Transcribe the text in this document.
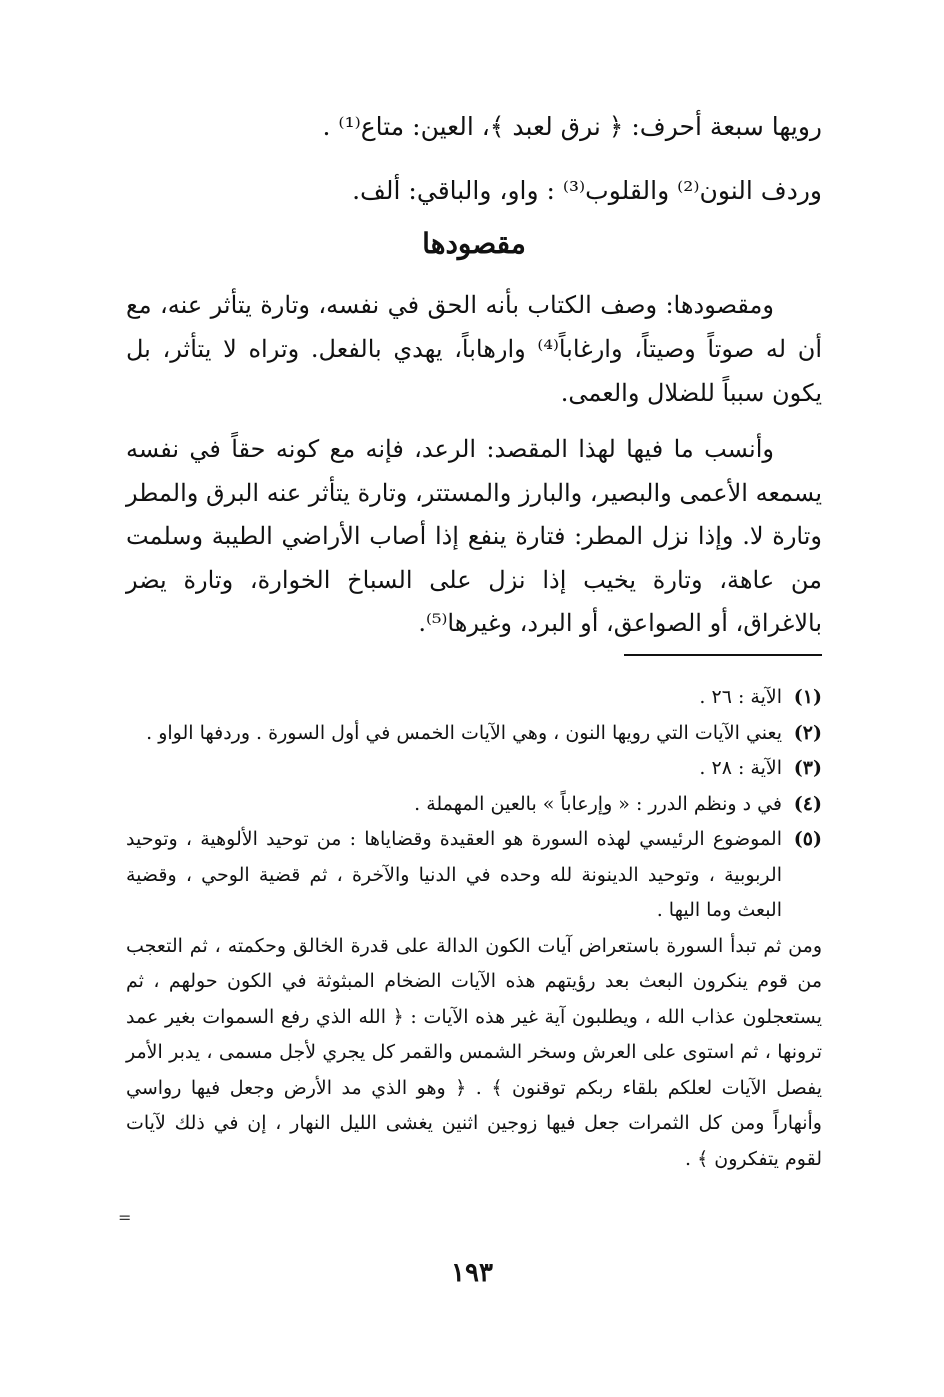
رويها سبعة أحرف: ﴿ نرق لعبد ﴾، العين: متاع⁽¹⁾ .

وردف النون⁽²⁾ والقلوب⁽³⁾ : واو، والباقي: ألف.

مقصودها

ومقصودها: وصف الكتاب بأنه الحق في نفسه، وتارة يتأثر عنه، مع أن له صوتاً وصيتاً، وارغاباً⁽⁴⁾ وارهاباً، يهدي بالفعل. وتراه لا يتأثر، بل يكون سبباً للضلال والعمى.

وأنسب ما فيها لهذا المقصد: الرعد، فإنه مع كونه حقاً في نفسه يسمعه الأعمى والبصير، والبارز والمستتر، وتارة يتأثر عنه البرق والمطر وتارة لا. وإذا نزل المطر: فتارة ينفع إذا أصاب الأراضي الطيبة وسلمت من عاهة، وتارة يخيب إذا نزل على السباخ الخوارة، وتارة يضر بالاغراق، أو الصواعق، أو البرد، وغيرها⁽⁵⁾.

(١)
الآية : ٢٦ .

(٢)
يعني الآيات التي رويها النون ، وهي الآيات الخمس في أول السورة . وردفها الواو .

(٣)
الآية : ٢٨ .

(٤)
في د ونظم الدرر : « وإرعاباً » بالعين المهملة .

(٥)
الموضوع الرئيسي لهذه السورة هو العقيدة وقضاياها : من توحيد الألوهية ، وتوحيد الربوبية ، وتوحيد الدينونة لله وحده في الدنيا والآخرة ، ثم قضية الوحي ، وقضية البعث وما اليها .

ومن ثم تبدأ السورة باستعراض آيات الكون الدالة على قدرة الخالق وحكمته ، ثم التعجب من قوم ينكرون البعث بعد رؤيتهم هذه الآيات الضخام المبثوثة في الكون حولهم ، ثم يستعجلون عذاب الله ، ويطلبون آية غير هذه الآيات : ﴿ الله الذي رفع السموات بغير عمد ترونها ، ثم استوى على العرش وسخر الشمس والقمر كل يجري لأجل مسمى ، يدبر الأمر يفصل الآيات لعلكم بلقاء ربكم توقنون ﴾ . ﴿ وهو الذي مد الأرض وجعل فيها رواسي وأنهاراً ومن كل الثمرات جعل فيها زوجين اثنين يغشى الليل النهار ، إن في ذلك لآيات لقوم يتفكرون ﴾ .

=
١٩٣
